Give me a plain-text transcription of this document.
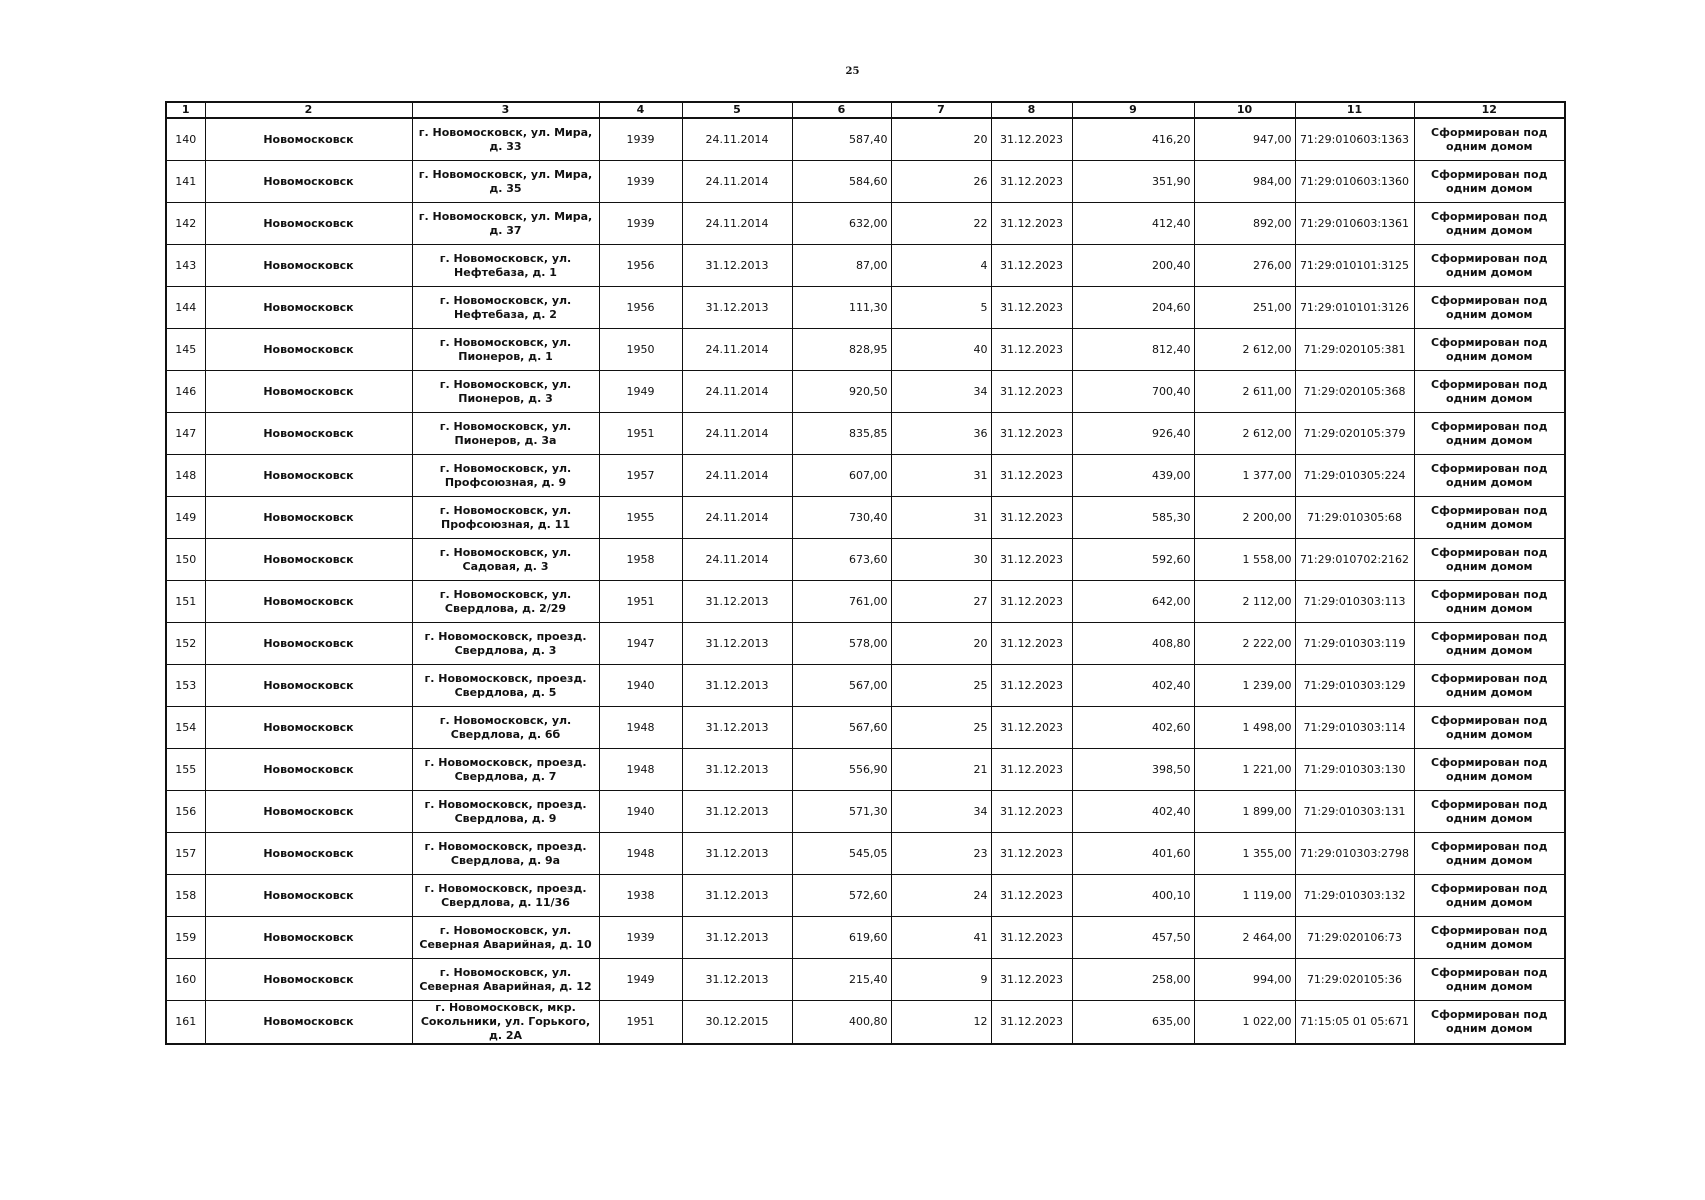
25
1	2	3	4	5	6	7	8	9	10	11	12
140	Новомосковск	г. Новомосковск, ул. Мира, д. 33	1939	24.11.2014	587,40	20	31.12.2023	416,20	947,00	71:29:010603:1363	Сформирован под одним домом
141	Новомосковск	г. Новомосковск, ул. Мира, д. 35	1939	24.11.2014	584,60	26	31.12.2023	351,90	984,00	71:29:010603:1360	Сформирован под одним домом
142	Новомосковск	г. Новомосковск, ул. Мира, д. 37	1939	24.11.2014	632,00	22	31.12.2023	412,40	892,00	71:29:010603:1361	Сформирован под одним домом
143	Новомосковск	г. Новомосковск, ул. Нефтебаза, д. 1	1956	31.12.2013	87,00	4	31.12.2023	200,40	276,00	71:29:010101:3125	Сформирован под одним домом
144	Новомосковск	г. Новомосковск, ул. Нефтебаза, д. 2	1956	31.12.2013	111,30	5	31.12.2023	204,60	251,00	71:29:010101:3126	Сформирован под одним домом
145	Новомосковск	г. Новомосковск, ул. Пионеров, д. 1	1950	24.11.2014	828,95	40	31.12.2023	812,40	2 612,00	71:29:020105:381	Сформирован под одним домом
146	Новомосковск	г. Новомосковск, ул. Пионеров, д. 3	1949	24.11.2014	920,50	34	31.12.2023	700,40	2 611,00	71:29:020105:368	Сформирован под одним домом
147	Новомосковск	г. Новомосковск, ул. Пионеров, д. 3а	1951	24.11.2014	835,85	36	31.12.2023	926,40	2 612,00	71:29:020105:379	Сформирован под одним домом
148	Новомосковск	г. Новомосковск, ул. Профсоюзная, д. 9	1957	24.11.2014	607,00	31	31.12.2023	439,00	1 377,00	71:29:010305:224	Сформирован под одним домом
149	Новомосковск	г. Новомосковск, ул. Профсоюзная, д. 11	1955	24.11.2014	730,40	31	31.12.2023	585,30	2 200,00	71:29:010305:68	Сформирован под одним домом
150	Новомосковск	г. Новомосковск, ул. Садовая, д. 3	1958	24.11.2014	673,60	30	31.12.2023	592,60	1 558,00	71:29:010702:2162	Сформирован под одним домом
151	Новомосковск	г. Новомосковск, ул. Свердлова, д. 2/29	1951	31.12.2013	761,00	27	31.12.2023	642,00	2 112,00	71:29:010303:113	Сформирован под одним домом
152	Новомосковск	г. Новомосковск, проезд. Свердлова, д. 3	1947	31.12.2013	578,00	20	31.12.2023	408,80	2 222,00	71:29:010303:119	Сформирован под одним домом
153	Новомосковск	г. Новомосковск, проезд. Свердлова, д. 5	1940	31.12.2013	567,00	25	31.12.2023	402,40	1 239,00	71:29:010303:129	Сформирован под одним домом
154	Новомосковск	г. Новомосковск, ул. Свердлова, д. 6б	1948	31.12.2013	567,60	25	31.12.2023	402,60	1 498,00	71:29:010303:114	Сформирован под одним домом
155	Новомосковск	г. Новомосковск, проезд. Свердлова, д. 7	1948	31.12.2013	556,90	21	31.12.2023	398,50	1 221,00	71:29:010303:130	Сформирован под одним домом
156	Новомосковск	г. Новомосковск, проезд. Свердлова, д. 9	1940	31.12.2013	571,30	34	31.12.2023	402,40	1 899,00	71:29:010303:131	Сформирован под одним домом
157	Новомосковск	г. Новомосковск, проезд. Свердлова, д. 9а	1948	31.12.2013	545,05	23	31.12.2023	401,60	1 355,00	71:29:010303:2798	Сформирован под одним домом
158	Новомосковск	г. Новомосковск, проезд. Свердлова, д. 11/36	1938	31.12.2013	572,60	24	31.12.2023	400,10	1 119,00	71:29:010303:132	Сформирован под одним домом
159	Новомосковск	г. Новомосковск, ул. Северная Аварийная, д. 10	1939	31.12.2013	619,60	41	31.12.2023	457,50	2 464,00	71:29:020106:73	Сформирован под одним домом
160	Новомосковск	г. Новомосковск, ул. Северная Аварийная, д. 12	1949	31.12.2013	215,40	9	31.12.2023	258,00	994,00	71:29:020105:36	Сформирован под одним домом
161	Новомосковск	г. Новомосковск, мкр. Сокольники, ул. Горького, д. 2А	1951	30.12.2015	400,80	12	31.12.2023	635,00	1 022,00	71:15:05 01 05:671	Сформирован под одним домом
